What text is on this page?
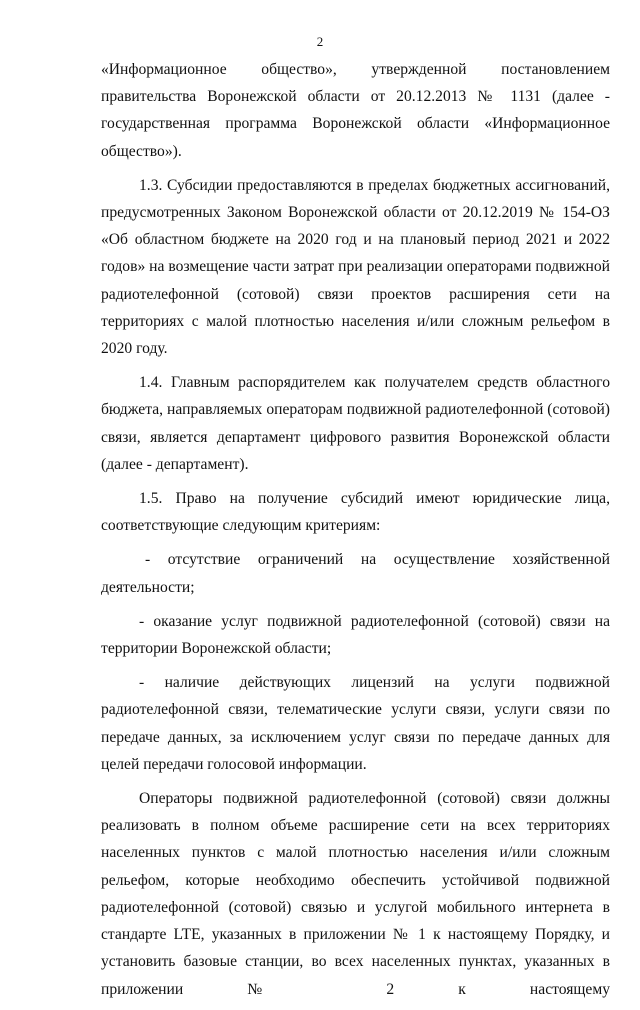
2

«Информационное общество», утвержденной постановлением правительства Воронежской области от 20.12.2013 № 1131 (далее - государственная программа Воронежской области «Информационное общество»).

1.3. Субсидии предоставляются в пределах бюджетных ассигнований, предусмотренных Законом Воронежской области от 20.12.2019 № 154-ОЗ «Об областном бюджете на 2020 год и на плановый период 2021 и 2022 годов» на возмещение части затрат при реализации операторами подвижной радиотелефонной (сотовой) связи проектов расширения сети на территориях с малой плотностью населения и/или сложным рельефом в 2020 году.

1.4. Главным распорядителем как получателем средств областного бюджета, направляемых операторам подвижной радиотелефонной (сотовой) связи, является департамент цифрового развития Воронежской области (далее - департамент).

1.5. Право на получение субсидий имеют юридические лица, соответствующие следующим критериям:

- отсутствие ограничений на осуществление хозяйственной деятельности;

- оказание услуг подвижной радиотелефонной (сотовой) связи на территории Воронежской области;

- наличие действующих лицензий на услуги подвижной радиотелефонной связи, телематические услуги связи, услуги связи по передаче данных, за исключением услуг связи по передаче данных для целей передачи голосовой информации.

Операторы подвижной радиотелефонной (сотовой) связи должны реализовать в полном объеме расширение сети на всех территориях населенных пунктов с малой плотностью населения и/или сложным рельефом, которые необходимо обеспечить устойчивой подвижной радиотелефонной (сотовой) связью и услугой мобильного интернета в стандарте LTE, указанных в приложении № 1 к настоящему Порядку, и установить базовые станции, во всех населенных пунктах, указанных в приложении № 2 к настоящему
